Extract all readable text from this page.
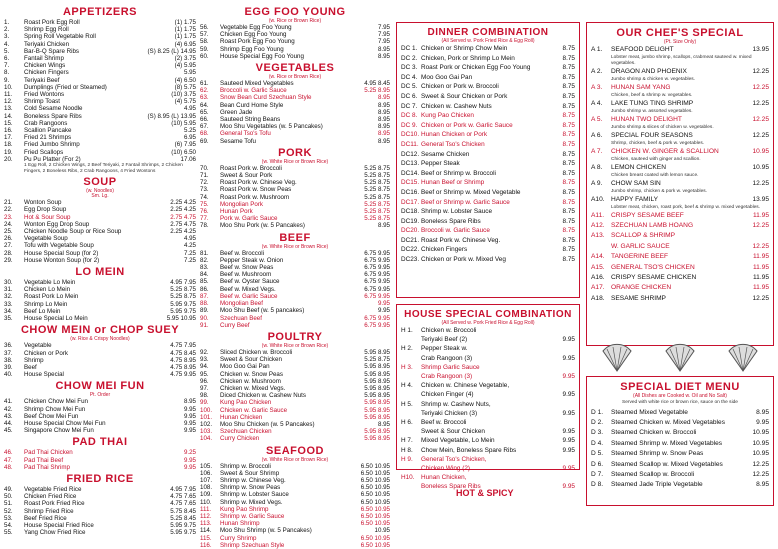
APPETIZERS
1.	Roast Pork Egg Roll	(1) 1.75
2.	Shrimp Egg Roll	(1) 1.75
3.	Spring Roll Vegetable Roll	(1) 1.75
4.	Teriyaki Chicken	(4) 6.95
5.	Bar-B-Q Spare Ribs	(S) 8.25 (L) 14.95
6.	Fantail Shrimp	(2) 3.75
7.	Chicken Wings	(4) 5.95
8.	Chicken Fingers	5.95
9.	Teriyaki Beef	(4) 6.50
10.	Dumplings (Fried or Steamed)	(8) 5.75
11.	Fried Wontons	(10) 3.75
12.	Shrimp Toast	(4) 5.75
13.	Cold Sesame Noodle	4.95
14.	Boneless Spare Ribs	(S) 8.95 (L) 13.95
15.	Crab Rangoons	(10) 5.95
16.	Scallion Pancake	5.25
17.	Fried 21 Shrimps	6.95
18.	Fried Jumbo Shrimp	(6) 7.95
19.	Fried Scallops	(10) 6.50
20.	Pu Pu Platter (For 2)	17.06
1 Egg Roll, 2 Chicken Wings, 2 Beef Teriyaki, 2 Fantail Shrimps, 2 Chicken Fingers, 2 Boneless Ribs, 2 Crab Rangoons, 4 Fried Wontons
SOUP
(w. Noodles)
Sm. Lg.
21.	Wonton Soup	2.25 4.25
22.	Egg Drop Soup	2.25 4.25
23.	Hot & Sour Soup	2.75 4.75
24.	Wonton Egg Drop Soup	2.75 4.75
25.	Chicken Noodle Soup or Rice Soup	2.25 4.25
26.	Vegetable Soup	4.95
27.	Tofu with Vegetable Soup	4.25
28.	House Special Soup (for 2)	7.25
29.	House Wonton Soup (for 2)	7.25
LO MEIN
30.	Vegetable Lo Mein	4.95 7.95
31.	Chicken Lo Mein	5.25 8.75
32.	Roast Pork Lo Mein	5.25 8.75
33.	Shrimp Lo Mein	5.95 9.75
34.	Beef Lo Mein	5.95 9.75
35.	House Special Lo Mein	5.95 10.95
CHOW MEIN or CHOP SUEY
(w. Rice & Crispy Noodles)
36.	Vegetable	4.75 7.95
37.	Chicken or Pork	4.75 8.45
38.	Shrimp	4.75 8.95
39.	Beef	4.75 8.95
40.	House Special	4.75 9.95
CHOW MEI FUN
Pt. Order
41.	Chicken Chow Mei Fun	8.95
42.	Shrimp Chow Mei Fun	9.95
43.	Beef Chow Mei Fun	9.95
44.	House Special Chow Mei Fun	9.95
45.	Singapore Chow Mei Fun	9.95
PAD THAI
46.	Pad Thai Chicken	9.25
47.	Pad Thai Beef	9.95
48.	Pad Thai Shrimp	9.95
FRIED RICE
49.	Vegetable Fried Rice	4.95 7.95
50.	Chicken Fried Rice	4.75 7.65
51.	Roast Pork Fried Rice	4.75 7.65
52.	Shrimp Fried Rice	5.75 8.45
53.	Beef Fried Rice	5.25 8.45
54.	House Special Fried Rice	5.95 9.75
55.	Yang Chow Fried Rice	5.95 9.75
EGG FOO YOUNG
(w. Rice or Brown Rice)
56.	Vegetable Egg Foo Young	7.95
57.	Chicken Egg Foo Young	7.95
58.	Roast Pork Egg Foo Young	7.95
59.	Shrimp Egg Foo Young	8.95
60.	House Special Egg Foo Young	8.95
VEGETABLES
(w. Rice or Brown Rice)
61.	Sauteed Mixed Vegetables	4.95 8.45
62.	Broccoli w. Garlic Sauce	5.25 8.95
63.	Snow Bean Curd Szechuan Style	8.95
64.	Bean Curd Home Style	8.95
65.	Green Jade	8.95
66.	Sauteed String Beans	8.95
67.	Moo Shu Vegetables (w. 5 Pancakes)	8.95
68.	General Tso's Tofu	8.95
69.	Sesame Tofu	8.95
PORK
(w. White Rice or Brown Rice)
70.	Roast Pork w. Broccoli	5.25 8.75
71.	Sweet & Sour Pork	5.25 8.75
72.	Roast Pork w. Chinese Veg.	5.25 8.75
73.	Roast Pork w. Snow Peas	5.25 8.75
74.	Roast Pork w. Mushroom	5.25 8.75
75.	Mongolian Pork	5.25 8.75
76.	Hunan Pork	5.25 8.75
77.	Pork w. Garlic Sauce	5.25 8.75
78.	Moo Shu Pork (w. 5 Pancakes)	8.95
BEEF
(w. White Rice or Brown Rice)
81.	Beef w. Broccoli	6.75 9.95
82.	Pepper Steak w. Onion	6.75 9.95
83.	Beef w. Snow Peas	6.75 9.95
84.	Beef w. Mushroom	6.75 9.95
85.	Beef w. Oyster Sauce	6.75 9.95
86.	Beef w. Mixed Vegs.	6.75 9.95
87.	Beef w. Garlic Sauce	6.75 9.95
88.	Mongolian Beef	9.95
89.	Moo Shu Beef (w. 5 pancakes)	9.95
90.	Szechuan Beef	6.75 9.95
91.	Curry Beef	6.75 9.95
POULTRY
(w. White Rice or Brown Rice)
92.	Sliced Chicken w. Broccoli	5.95 8.95
93.	Sweet & Sour Chicken	5.25 8.75
94.	Moo Goo Gai Pan	5.95 8.95
95.	Chicken w. Snow Peas	5.95 8.95
96.	Chicken w. Mushroom	5.95 8.95
97.	Chicken w. Mixed Vegs.	5.95 8.95
98.	Diced Chicken w. Cashew Nuts	5.95 8.95
99.	Kung Pao Chicken	5.95 8.95
100.	Chicken w. Garlic Sauce	5.95 8.95
101.	Hunan Chicken	5.95 8.95
102.	Moo Shu Chicken (w. 5 Pancakes)	8.95
103.	Szechuan Chicken	5.95 8.95
104.	Curry Chicken	5.95 8.95
SEAFOOD
(w. White Rice or Brown Rice)
105.	Shrimp w. Broccoli	6.50 10.95
106.	Sweet & Sour Shrimp	6.50 10.95
107.	Shrimp w. Chinese Veg.	6.50 10.95
108.	Shrimp w. Snow Peas	6.50 10.95
109.	Shrimp w. Lobster Sauce	6.50 10.95
110.	Shrimp w. Mixed Vegs.	6.50 10.95
111.	Kung Pao Shrimp	6.50 10.95
112.	Shrimp w. Garlic Sauce	6.50 10.95
113.	Hunan Shrimp	6.50 10.95
114.	Moo Shu Shrimp (w. 5 Pancakes)	10.95
115.	Curry Shrimp	6.50 10.95
116.	Shrimp Szechuan Style	6.50 10.95
DINNER COMBINATION
(All Served w. Pork Fried Rice & Egg Roll)
DC 1. Chicken or Shrimp Chow Mein	8.75
DC 2. Chicken, Pork or Shrimp Lo Mein	8.75
DC 3. Roast Pork or Chicken Egg Foo Young	8.75
DC 4. Moo Goo Gai Pan	8.75
DC 5. Chicken or Pork w. Broccoli	8.75
DC 6. Sweet & Sour Chicken or Pork	8.75
DC 7. Chicken w. Cashew Nuts	8.75
DC 8. Kung Pao Chicken	8.75
DC 9. Chicken or Pork w. Garlic Sauce	8.75
DC10. Hunan Chicken or Pork	8.75
DC11. General Tso's Chicken	8.75
DC12. Sesame Chicken	8.75
DC13. Pepper Steak	8.75
DC14. Beef or Shrimp w. Broccoli	8.75
DC15. Hunan Beef or Shrimp	8.75
DC16. Beef or Shrimp w. Mixed Vegetable	8.75
DC17. Beef or Shrimp w. Garlic Sauce	8.75
DC18. Shrimp w. Lobster Sauce	8.75
DC19. Boneless Spare Ribs	8.75
DC20. Broccoli w. Garlic Sauce	8.75
DC21. Roast Pork w. Chinese Veg.	8.75
DC22. Chicken Fingers	8.75
DC23. Chicken or Pork w. Mixed Veg	8.75
HOUSE SPECIAL COMBINATION
(All Served w. Pork Fried Rice & Egg Roll)
H 1.	Chicken w. Broccoli
Teriyaki Beef (2)	9.95
H 2.	Pepper Steak w.
Crab Rangoon (3)	9.95
H 3.	Shrimp Garlic Sauce
Crab Rangoon (3)	9.95
H 4.	Chicken w. Chinese Vegetable,
Chicken Finger (4)	9.95
H 5.	Shrimp w. Cashew Nuts,
Teriyaki Chicken (3)	9.95
H 6.	Beef w. Broccoli
Sweet & Sour Chicken	9.95
H 7.	Mixed Vegetable, Lo Mein	9.95
H 8.	Chow Mein, Boneless Spare Ribs	9.95
H 9.	General Tso's Chicken,
Chicken Wing (2)	9.95
H10.	Hunan Chicken,
Boneless Spare Ribs	9.95
HOT & SPICY
OUR CHEF'S SPECIAL
(Pt. Size Only)
A 1.	SEAFOOD DELIGHT	13.95
Lobster meat, jumbo shrimp, scallops, crabmeat sauteed w. mixed vegetables.
A 2.	DRAGON AND PHOENIX	12.25
Jumbo shrimp & chicken w. vegetables.
A 3.	HUNAN SAM YANG	12.25
Chicken, beef & shrimp w. vegetables.
A 4.	LAKE TUNG TING SHRIMP	12.25
Jumbo shrimp w. assorted vegetables.
A 5.	HUNAN TWO DELIGHT	12.25
Jumbo shrimp & slices of chicken w. vegetables.
A 6.	SPECIAL FOUR SEASONS	12.25
Shrimp, chicken, beef & pork w. vegetables.
A 7.	CHICKEN W. GINGER & SCALLION	10.95
Chicken, sauteed with ginger and scallion.
A 8.	LEMON CHICKEN	10.95
Chicken breast coated with lemon sauce.
A 9.	CHOW SAM SIN	12.25
Jumbo shrimp, chicken & pork w. vegetables.
A10. HAPPY FAMILY	13.95
Lobster meat, chicken, roast pork, beef & shrimp w. mixed vegetables.
A11.	CRISPY SESAME BEEF	11.95
A12. SZECHUAN LAMB HOANG	12.25
A13. SCALLOP & SHRIMP
W. GARLIC SAUCE	12.25
A14. TANGERINE BEEF	11.95
A15. GENERAL TSO'S CHICKEN	11.95
A16. CRISPY SESAME CHICKEN	11.95
A17. ORANGE CHICKEN	11.95
A18. SESAME SHRIMP	12.25
SPECIAL DIET MENU
(All Dishes are Cooked w. Oil and No Salt)
Served with white rice or brown rice, sauce on the side
D 1.	Steamed Mixed Vegetable	8.95
D 2.	Steamed Chicken w. Mixed Vegetables	9.95
D 3.	Steamed Chicken w. Broccoli	10.95
D 4.	Steamed Shrimp w. Mixed Vegetables	10.95
D 5.	Steamed Shrimp w. Snow Peas	10.95
D 6.	Steamed Scallop w. Mixed Vegetables	12.25
D 7.	Steamed Scallop w. Broccoli	12.25
D 8.	Steamed Jade Triple Vegetable	8.95
